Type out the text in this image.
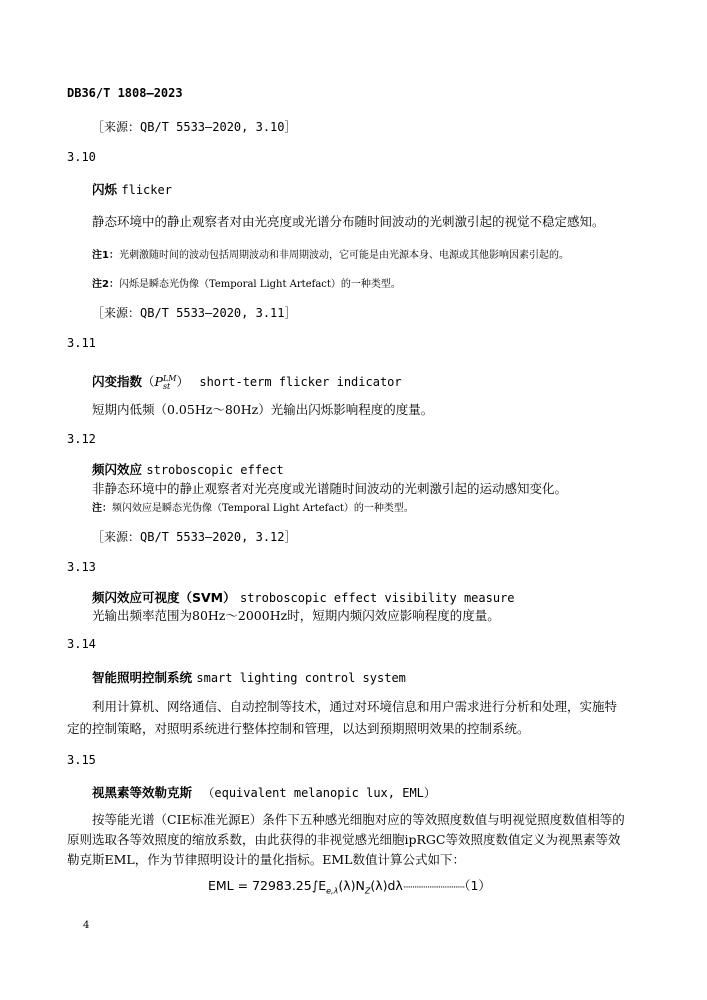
DB36/T 1808—2023
［来源：QB/T 5533—2020, 3.10］
3.10
闪烁 flicker
静态环境中的静止观察者对由光亮度或光谱分布随时间波动的光刺激引起的视觉不稳定感知。
注1：光刺激随时间的波动包括周期波动和非周期波动，它可能是由光源本身、电源或其他影响因素引起的。
注2：闪烁是瞬态光伪像（Temporal Light Artefact）的一种类型。
［来源：QB/T 5533—2020, 3.11］
3.11
闪变指数（P LM
st ） short-term flicker indicator
短期内低频（0.05Hz～80Hz）光输出闪烁影响程度的度量。
3.12
频闪效应 stroboscopic effect
非静态环境中的静止观察者对光亮度或光谱随时间波动的光刺激引起的运动感知变化。
注：频闪效应是瞬态光伪像（Temporal Light Artefact）的一种类型。
［来源：QB/T 5533—2020, 3.12］
3.13
频闪效应可视度（SVM） stroboscopic effect visibility measure
光输出频率范围为80Hz～2000Hz时，短期内频闪效应影响程度的度量。
3.14
智能照明控制系统 smart lighting control system
利用计算机、网络通信、自动控制等技术，通过对环境信息和用户需求进行分析和处理，实施特定的控制策略，对照明系统进行整体控制和管理，以达到预期照明效果的控制系统。
3.15
视黑素等效勒克斯 （equivalent melanopic lux, EML）
按等能光谱（CIE标准光源E）条件下五种感光细胞对应的等效照度数值与明视觉照度数值相等的原则选取各等效照度的缩放系数，由此获得的非视觉感光细胞ipRGC等效照度数值定义为视黑素等效勒克斯EML，作为节律照明设计的量化指标。EML数值计算公式如下：
EML = $72983.25\int E_{e,\lambda}(\lambda)N_Z(\lambda)d\lambda\cdot\cdot\cdot\cdot\cdot\cdot\cdot\cdot\cdot\cdot\cdot\cdot\cdot\cdot\cdot\cdot\cdot\cdot\cdot\cdot\cdot\cdot\cdot\cdot\cdot\cdot\cdot\cdot\cdot\cdot\cdot\cdot\cdot(1)$
4
